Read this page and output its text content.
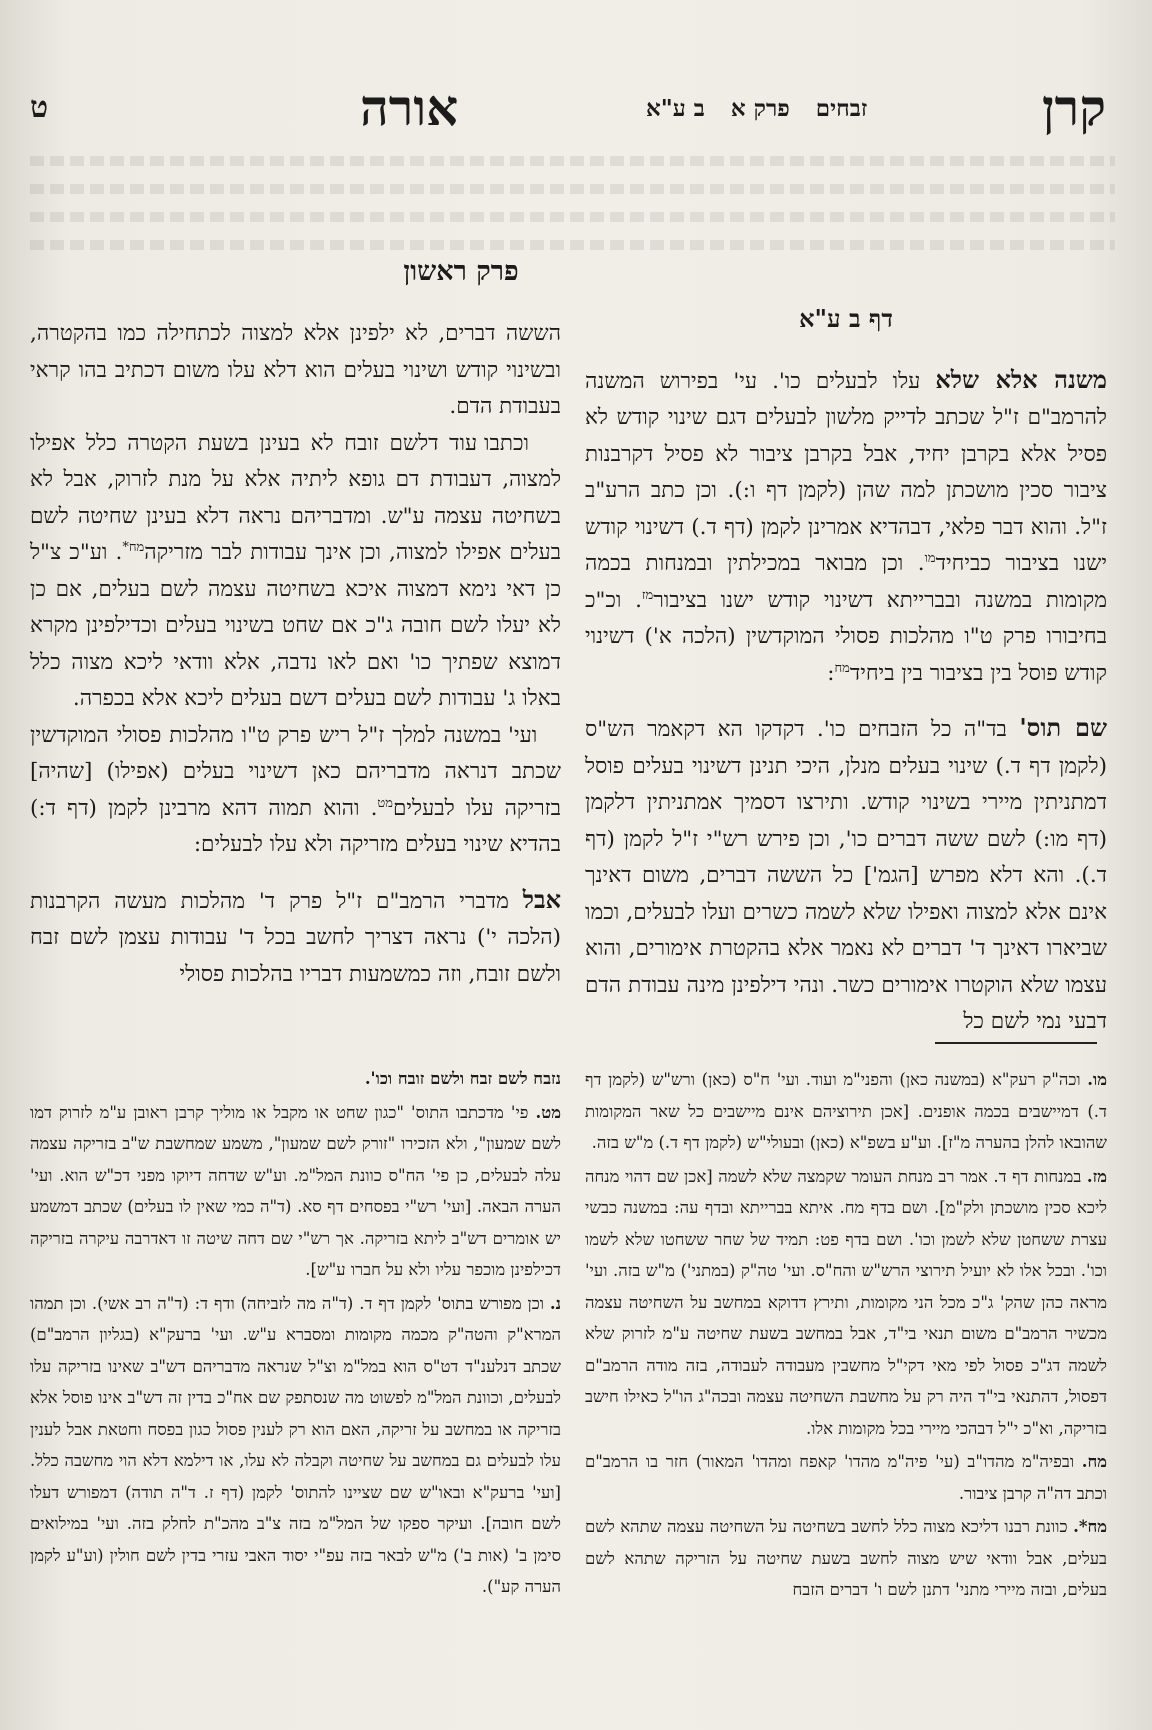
קרן
זבחיםפרק אב ע"א
אורה
ט
פרק ראשון

דף ב ע"א

משנה אלא שלא עלו לבעלים כו'. עי' בפירוש המשנה להרמב"ם ז"ל שכתב לדייק מלשון לבעלים דגם שינוי קודש לא פסיל אלא בקרבן יחיד, אבל בקרבן ציבור לא פסיל דקרבנות ציבור סכין מושכתן למה שהן (לקמן דף ו:). וכן כתב הרע"ב ז"ל. והוא דבר פלאי, דבהדיא אמרינן לקמן (דף ד.) דשינוי קודש ישנו בציבור כביחיד$^{מו}$. וכן מבואר במכילתין ובמנחות בכמה מקומות במשנה ובברייתא דשינוי קודש ישנו בציבור$^{מז}$. וכ"כ בחיבורו פרק ט"ו מהלכות פסולי המוקדשין (הלכה א') דשינוי קודש פוסל בין בציבור בין ביחיד$^{מח}$:

שם תוס' בד"ה כל הזבחים כו'. דקדקו הא דקאמר הש"ס (לקמן דף ד.) שינוי בעלים מנלן, היכי תנינן דשינוי בעלים פוסל דמתניתין מיירי בשינוי קודש. ותירצו דסמיך אמתניתין דלקמן (דף מו:) לשם ששה דברים כו', וכן פירש רש"י ז"ל לקמן (דף ד.). והא דלא מפרש [הגמ'] כל הששה דברים, משום דאינך אינם אלא למצוה ואפילו שלא לשמה כשרים ועלו לבעלים, וכמו שביארו דאינך ד' דברים לא נאמר אלא בהקטרת אימורים, והוא עצמו שלא הוקטרו אימורים כשר. ונהי דילפינן מינה עבודת הדם דבעי נמי לשם כל

הששה דברים, לא ילפינן אלא למצוה לכתחילה כמו בהקטרה, ובשינוי קודש ושינוי בעלים הוא דלא עלו משום דכתיב בהו קראי בעבודת הדם.

וכתבו עוד דלשם זובח לא בעינן בשעת הקטרה כלל אפילו למצוה, דעבודת דם גופא ליתיה אלא על מנת לזרוק, אבל לא בשחיטה עצמה ע"ש. ומדבריהם נראה דלא בעינן שחיטה לשם בעלים אפילו למצוה, וכן אינך עבודות לבר מזריקה$^{מח*}$. וע"כ צ"ל כן דאי נימא דמצוה איכא בשחיטה עצמה לשם בעלים, אם כן לא יעלו לשם חובה ג"כ אם שחט בשינוי בעלים וכדילפינן מקרא דמוצא שפתיך כו' ואם לאו נדבה, אלא וודאי ליכא מצוה כלל באלו ג' עבודות לשם בעלים דשם בעלים ליכא אלא בכפרה.

ועי' במשנה למלך ז"ל ריש פרק ט"ו מהלכות פסולי המוקדשין שכתב דנראה מדבריהם כאן דשינוי בעלים (אפילו) [שהיה] בזריקה עלו לבעלים$^{מט}$. והוא תמוה דהא מרבינן לקמן (דף ד:) בהדיא שינוי בעלים מזריקה ולא עלו לבעלים:

אבל מדברי הרמב"ם ז"ל פרק ד' מהלכות מעשה הקרבנות (הלכה י') נראה דצריך לחשב בכל ד' עבודות עצמן לשם זבח ולשם זובח, וזה כמשמעות דבריו בהלכות פסולי

מו. וכה"ק רעק"א (במשנה כאן) והפני"מ ועוד. ועי' ח"ס (כאן) ורש"ש (לקמן דף ד.) דמיישבים בכמה אופנים. [אכן תירוציהם אינם מיישבים כל שאר המקומות שהובאו להלן בהערה מ"ז]. וע"ע בשפ"א (כאן) ובעולי"ש (לקמן דף ד.) מ"ש בזה.

מז. במנחות דף ד. אמר רב מנחת העומר שקמצה שלא לשמה [אכן שם דהוי מנחה ליכא סכין מושכתן ולק"מ]. ושם בדף מח. איתא בברייתא ובדף עה: במשנה כבשי עצרת ששחטן שלא לשמן וכו'. ושם בדף פט: תמיד של שחר ששחטו שלא לשמו וכו'. ובכל אלו לא יועיל תירוצי הרש"ש והח"ס. ועי' טה"ק (במתני') מ"ש בזה. ועי' מראה כהן שהק' ג"כ מכל הני מקומות, ותירץ דדוקא במחשב על השחיטה עצמה מכשיר הרמב"ם משום תנאי בי"ד, אבל במחשב בשעת שחיטה ע"מ לזרוק שלא לשמה דג"כ פסול לפי מאי דקי"ל מחשבין מעבודה לעבודה, בזה מודה הרמב"ם דפסול, דהתנאי בי"ד היה רק על מחשבת השחיטה עצמה ובכה"ג הו"ל כאילו חישב בזריקה, וא"כ י"ל דבהכי מיירי בכל מקומות אלו.

מח. ובפיה"מ מהדו"ב (עי' פיה"מ מהדו' קאפח ומהדו' המאור) חזר בו הרמב"ם וכתב דה"ה קרבן ציבור.

מח*. כוונת רבנו דליכא מצוה כלל לחשב בשחיטה על השחיטה עצמה שתהא לשם בעלים, אבל וודאי שיש מצוה לחשב בשעת שחיטה על הזריקה שתהא לשם בעלים, ובזה מיירי מתני' דתנן לשם ו' דברים הזבח

נזבח לשם זבח ולשם זובח וכו'.

מט. פי' מדכתבו התוס' "כגון שחט או מקבל או מוליך קרבן ראובן ע"מ לזרוק דמו לשם שמעון", ולא הזכירו "זורק לשם שמעון", משמע שמחשבת ש"ב בזריקה עצמה עלה לבעלים, כן פי' הח"ס כוונת המל"מ. וע"ש שדחה דיוקו מפני דכ"ש הוא. ועי' הערה הבאה. [ועי' רש"י בפסחים דף סא. (ד"ה כמי שאין לו בעלים) שכתב דמשמע יש אומרים דש"ב ליתא בזריקה. אך רש"י שם דחה שיטה זו דאדרבה עיקרה בזריקה דכילפינן מוכפר עליו ולא על חברו ע"ש].

נ. וכן מפורש בתוס' לקמן דף ד. (ד"ה מה לזביחה) ודף ד: (ד"ה רב אשי). וכן תמהו המרא"ק והטה"ק מכמה מקומות ומסברא ע"ש. ועי' ברעק"א (בגליון הרמב"ם) שכתב דנלענ"ד דט"ס הוא במל"מ וצ"ל שנראה מדבריהם דש"ב שאינו בזריקה עלו לבעלים, וכוונת המל"מ לפשוט מה שנסתפק שם אח"כ בדין זה דש"ב אינו פוסל אלא בזריקה או במחשב על זריקה, האם הוא רק לענין פסול כגון בפסח וחטאת אבל לענין עלו לבעלים גם במחשב על שחיטה וקבלה לא עלו, או דילמא דלא הוי מחשבה כלל. [ועי' ברעק"א ובאו"ש שם שציינו להתוס' לקמן (דף ז. ד"ה תודה) דמפורש דעלו לשם חובה]. ועיקר ספקו של המל"מ בזה צ"ב מהכ"ת לחלק בזה. ועי' במילואים סימן ב' (אות ב') מ"ש לבאר בזה עפ"י יסוד האבי עזרי בדין לשם חולין (וע"ע לקמן הערה קע").
